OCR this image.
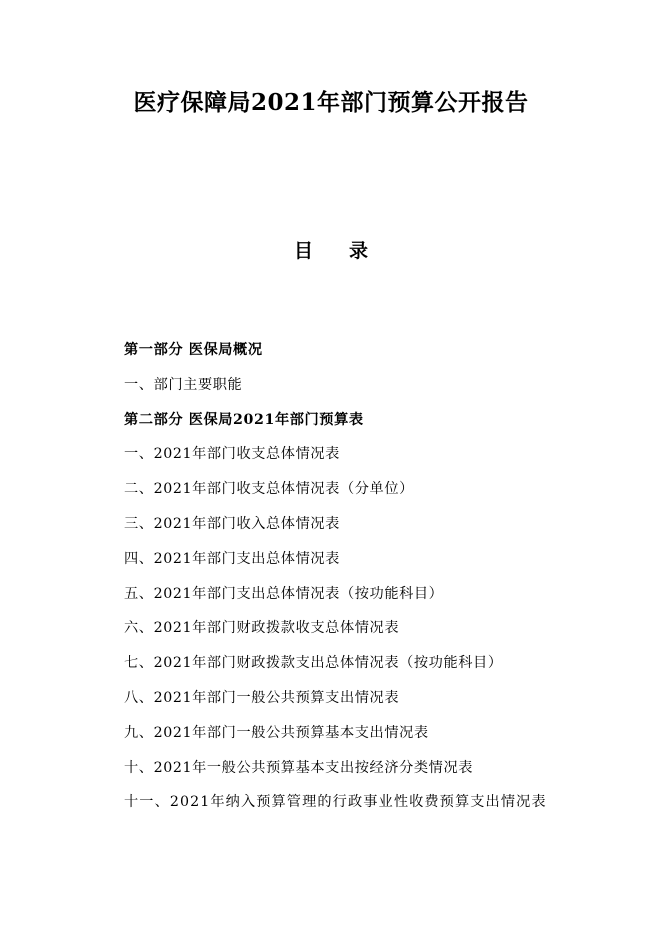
医疗保障局2021年部门预算公开报告
目 录
第一部分 医保局概况
一、部门主要职能
第二部分 医保局2021年部门预算表
一、2021年部门收支总体情况表
二、2021年部门收支总体情况表（分单位）
三、2021年部门收入总体情况表
四、2021年部门支出总体情况表
五、2021年部门支出总体情况表（按功能科目）
六、2021年部门财政拨款收支总体情况表
七、2021年部门财政拨款支出总体情况表（按功能科目）
八、2021年部门一般公共预算支出情况表
九、2021年部门一般公共预算基本支出情况表
十、2021年一般公共预算基本支出按经济分类情况表
十一、2021年纳入预算管理的行政事业性收费预算支出情况表
